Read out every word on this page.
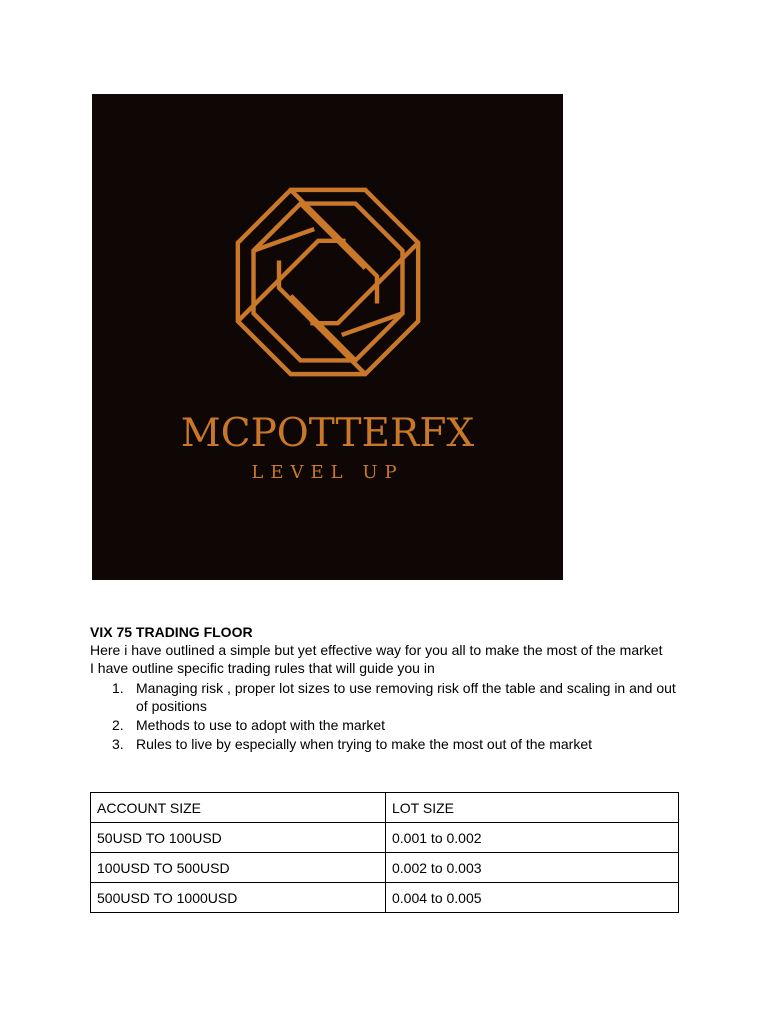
MCPOTTERFX
LEVEL UP
VIX 75 TRADING FLOOR
Here i have outlined a simple but yet effective way for you all to make the most of the market
I have outline specific trading rules that will guide you in
1. Managing risk , proper lot sizes to use removing risk off the table and scaling in and out of positions
2. Methods to use to adopt with the market
3. Rules to live by especially when trying to make the most out of the market
ACCOUNT SIZE	LOT SIZE
50USD TO 100USD	0.001 to 0.002
100USD TO 500USD	0.002 to 0.003
500USD TO 1000USD	0.004 to 0.005
